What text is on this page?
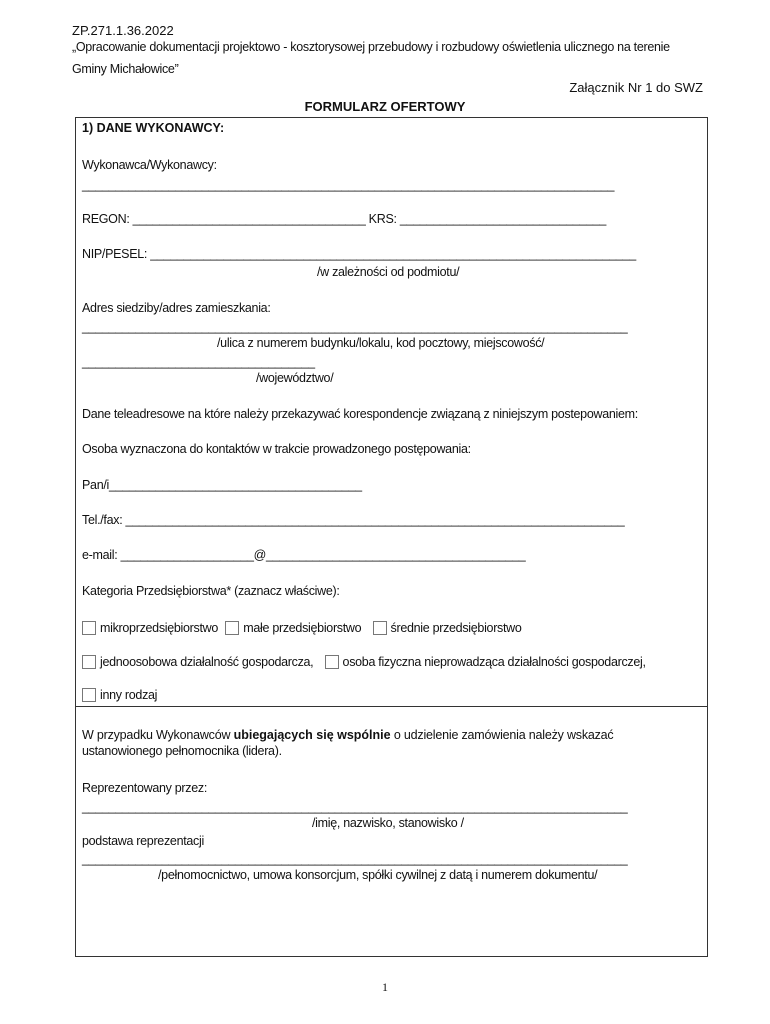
ZP.271.1.36.2022
„Opracowanie dokumentacji projektowo - kosztorysowej przebudowy i rozbudowy oświetlenia ulicznego na terenie
Gminy Michałowice”
Załącznik Nr 1 do SWZ
FORMULARZ OFERTOWY
1) DANE WYKONAWCY:
Wykonawca/Wykonawcy:
________________________________________________________________________________
REGON: ___________________________________ KRS: _______________________________
NIP/PESEL: _________________________________________________________________________
/w zależności od podmiotu/
Adres siedziby/adres zamieszkania:
__________________________________________________________________________________
/ulica z numerem budynku/lokalu, kod pocztowy, miejscowość/
___________________________________
/województwo/
Dane teleadresowe na które należy przekazywać korespondencje związaną z niniejszym postepowaniem:
Osoba wyznaczona do kontaktów w trakcie prowadzonego postępowania:
Pan/i______________________________________
Tel./fax: ___________________________________________________________________________
e-mail: ____________________@_______________________________________
Kategoria Przedsiębiorstwa* (zaznacz właściwe):
mikroprzedsiębiorstwo małe przedsiębiorstwo średnie przedsiębiorstwo
jednoosobowa działalność gospodarcza, osoba fizyczna nieprowadząca działalności gospodarczej,
inny rodzaj
W przypadku Wykonawców ubiegających się wspólnie o udzielenie zamówienia należy wskazać
ustanowionego pełnomocnika (lidera).
Reprezentowany przez:
__________________________________________________________________________________
/imię, nazwisko, stanowisko /
podstawa reprezentacji
__________________________________________________________________________________
/pełnomocnictwo, umowa konsorcjum, spółki cywilnej z datą i numerem dokumentu/
1
